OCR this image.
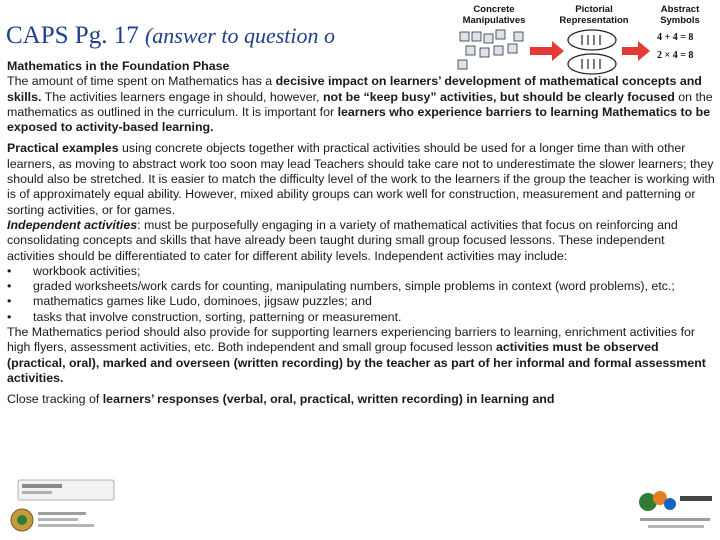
CAPS Pg. 17 (answer to question o
Concrete Manipulatives
Pictorial Representation
Abstract Symbols
4 + 4 = 8
2 × 4 = 8

Mathematics in the Foundation Phase

The amount of time spent on Mathematics has a decisive impact on learners’ development of mathematical concepts and skills. The activities learners engage in should, however, not be “keep busy” activities, but should be clearly focused on the mathematics as outlined in the curriculum. It is important for learners who experience barriers to learning Mathematics to be exposed to activity-based learning.

Practical examples using concrete objects together with practical activities should be used for a longer time than with other learners, as moving to abstract work too soon may lead Teachers should take care not to underestimate the slower learners; they should also be stretched. It is easier to match the difficulty level of the work to the learners if the group the teacher is working with is of approximately equal ability. However, mixed ability groups can work well for construction, measurement and patterning or sorting activities, or for games.

Independent activities: must be purposefully engaging in a variety of mathematical activities that focus on reinforcing and consolidating concepts and skills that have already been taught during small group focused lessons. These independent activities should be differentiated to cater for different ability levels. Independent activities may include:

•	workbook activities;
•	graded worksheets/work cards for counting, manipulating numbers, simple problems in context (word problems), etc.;
•	mathematics games like Ludo, dominoes, jigsaw puzzles; and
•	tasks that involve construction, sorting, patterning or measurement.

The Mathematics period should also provide for supporting learners experiencing barriers to learning, enrichment activities for high flyers, assessment activities, etc. Both independent and small group focused lesson activities must be observed (practical, oral), marked and overseen (written recording) by the teacher as part of her informal and formal assessment activities.

Close tracking of learners’ responses (verbal, oral, practical, written recording) in learning and
